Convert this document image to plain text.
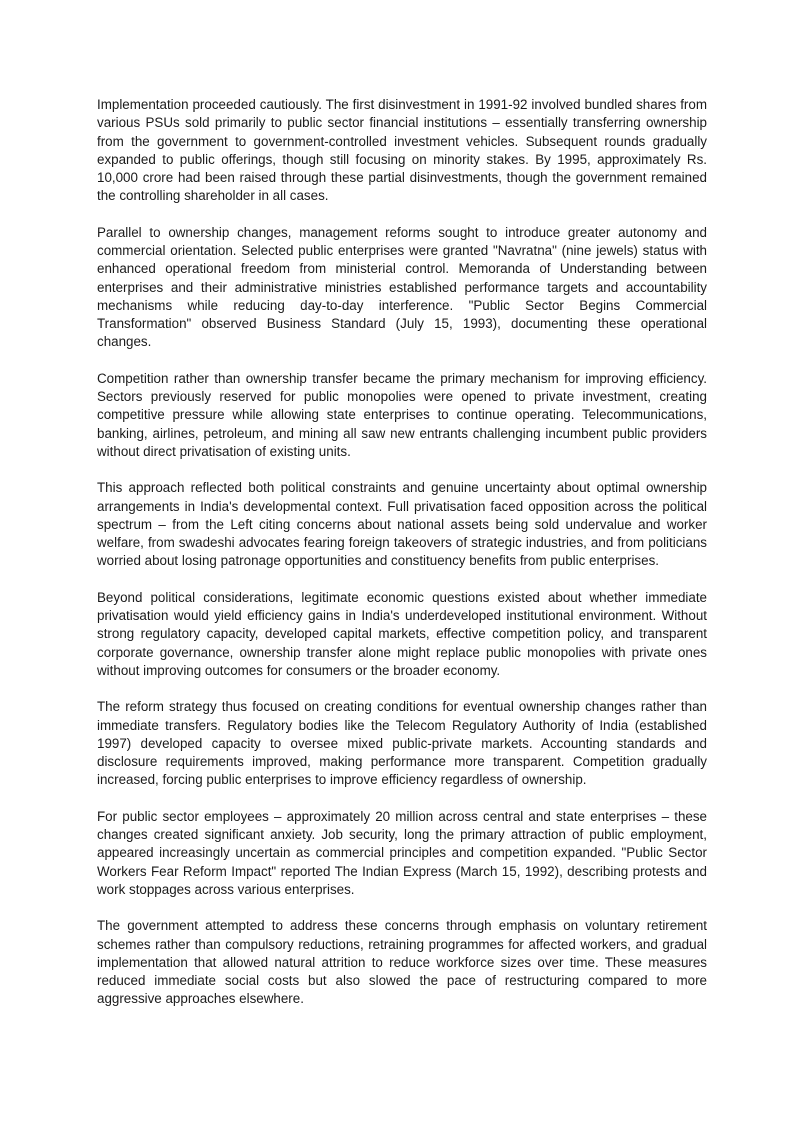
Implementation proceeded cautiously. The first disinvestment in 1991-92 involved bundled shares from various PSUs sold primarily to public sector financial institutions – essentially transferring ownership from the government to government-controlled investment vehicles. Subsequent rounds gradually expanded to public offerings, though still focusing on minority stakes. By 1995, approximately Rs. 10,000 crore had been raised through these partial disinvestments, though the government remained the controlling shareholder in all cases.

Parallel to ownership changes, management reforms sought to introduce greater autonomy and commercial orientation. Selected public enterprises were granted "Navratna" (nine jewels) status with enhanced operational freedom from ministerial control. Memoranda of Understanding between enterprises and their administrative ministries established performance targets and accountability mechanisms while reducing day-to-day interference. "Public Sector Begins Commercial Transformation" observed Business Standard (July 15, 1993), documenting these operational changes.

Competition rather than ownership transfer became the primary mechanism for improving efficiency. Sectors previously reserved for public monopolies were opened to private investment, creating competitive pressure while allowing state enterprises to continue operating. Telecommunications, banking, airlines, petroleum, and mining all saw new entrants challenging incumbent public providers without direct privatisation of existing units.

This approach reflected both political constraints and genuine uncertainty about optimal ownership arrangements in India's developmental context. Full privatisation faced opposition across the political spectrum – from the Left citing concerns about national assets being sold undervalue and worker welfare, from swadeshi advocates fearing foreign takeovers of strategic industries, and from politicians worried about losing patronage opportunities and constituency benefits from public enterprises.

Beyond political considerations, legitimate economic questions existed about whether immediate privatisation would yield efficiency gains in India's underdeveloped institutional environment. Without strong regulatory capacity, developed capital markets, effective competition policy, and transparent corporate governance, ownership transfer alone might replace public monopolies with private ones without improving outcomes for consumers or the broader economy.

The reform strategy thus focused on creating conditions for eventual ownership changes rather than immediate transfers. Regulatory bodies like the Telecom Regulatory Authority of India (established 1997) developed capacity to oversee mixed public-private markets. Accounting standards and disclosure requirements improved, making performance more transparent. Competition gradually increased, forcing public enterprises to improve efficiency regardless of ownership.

For public sector employees – approximately 20 million across central and state enterprises – these changes created significant anxiety. Job security, long the primary attraction of public employment, appeared increasingly uncertain as commercial principles and competition expanded. "Public Sector Workers Fear Reform Impact" reported The Indian Express (March 15, 1992), describing protests and work stoppages across various enterprises.

The government attempted to address these concerns through emphasis on voluntary retirement schemes rather than compulsory reductions, retraining programmes for affected workers, and gradual implementation that allowed natural attrition to reduce workforce sizes over time. These measures reduced immediate social costs but also slowed the pace of restructuring compared to more aggressive approaches elsewhere.
